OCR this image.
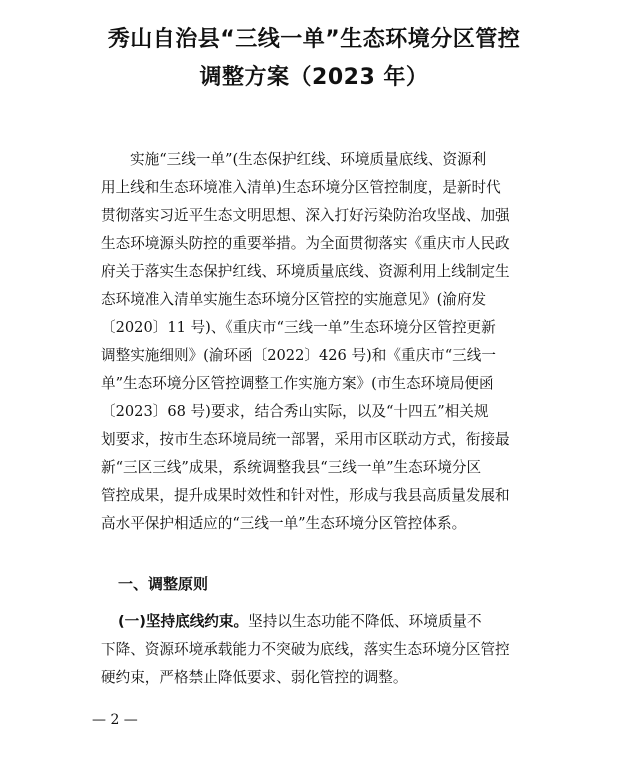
秀山自治县“三线一单”生态环境分区管控
调整方案（2023 年）
实施“三线一单”(生态保护红线、环境质量底线、资源利
用上线和生态环境准入清单)生态环境分区管控制度，是新时代
贯彻落实习近平生态文明思想、深入打好污染防治攻坚战、加强
生态环境源头防控的重要举措。为全面贯彻落实《重庆市人民政
府关于落实生态保护红线、环境质量底线、资源利用上线制定生
态环境准入清单实施生态环境分区管控的实施意见》(渝府发
〔2020〕11 号)、《重庆市“三线一单”生态环境分区管控更新
调整实施细则》(渝环函〔2022〕426 号)和《重庆市“三线一
单”生态环境分区管控调整工作实施方案》(市生态环境局便函
〔2023〕68 号)要求，结合秀山实际，以及“十四五”相关规
划要求，按市生态环境局统一部署，采用市区联动方式，衔接最
新“三区三线”成果，系统调整我县“三线一单”生态环境分区
管控成果，提升成果时效性和针对性，形成与我县高质量发展和
高水平保护相适应的“三线一单”生态环境分区管控体系。
一、调整原则
(一)坚持底线约束。坚持以生态功能不降低、环境质量不
下降、资源环境承载能力不突破为底线，落实生态环境分区管控
硬约束，严格禁止降低要求、弱化管控的调整。
— 2 —
